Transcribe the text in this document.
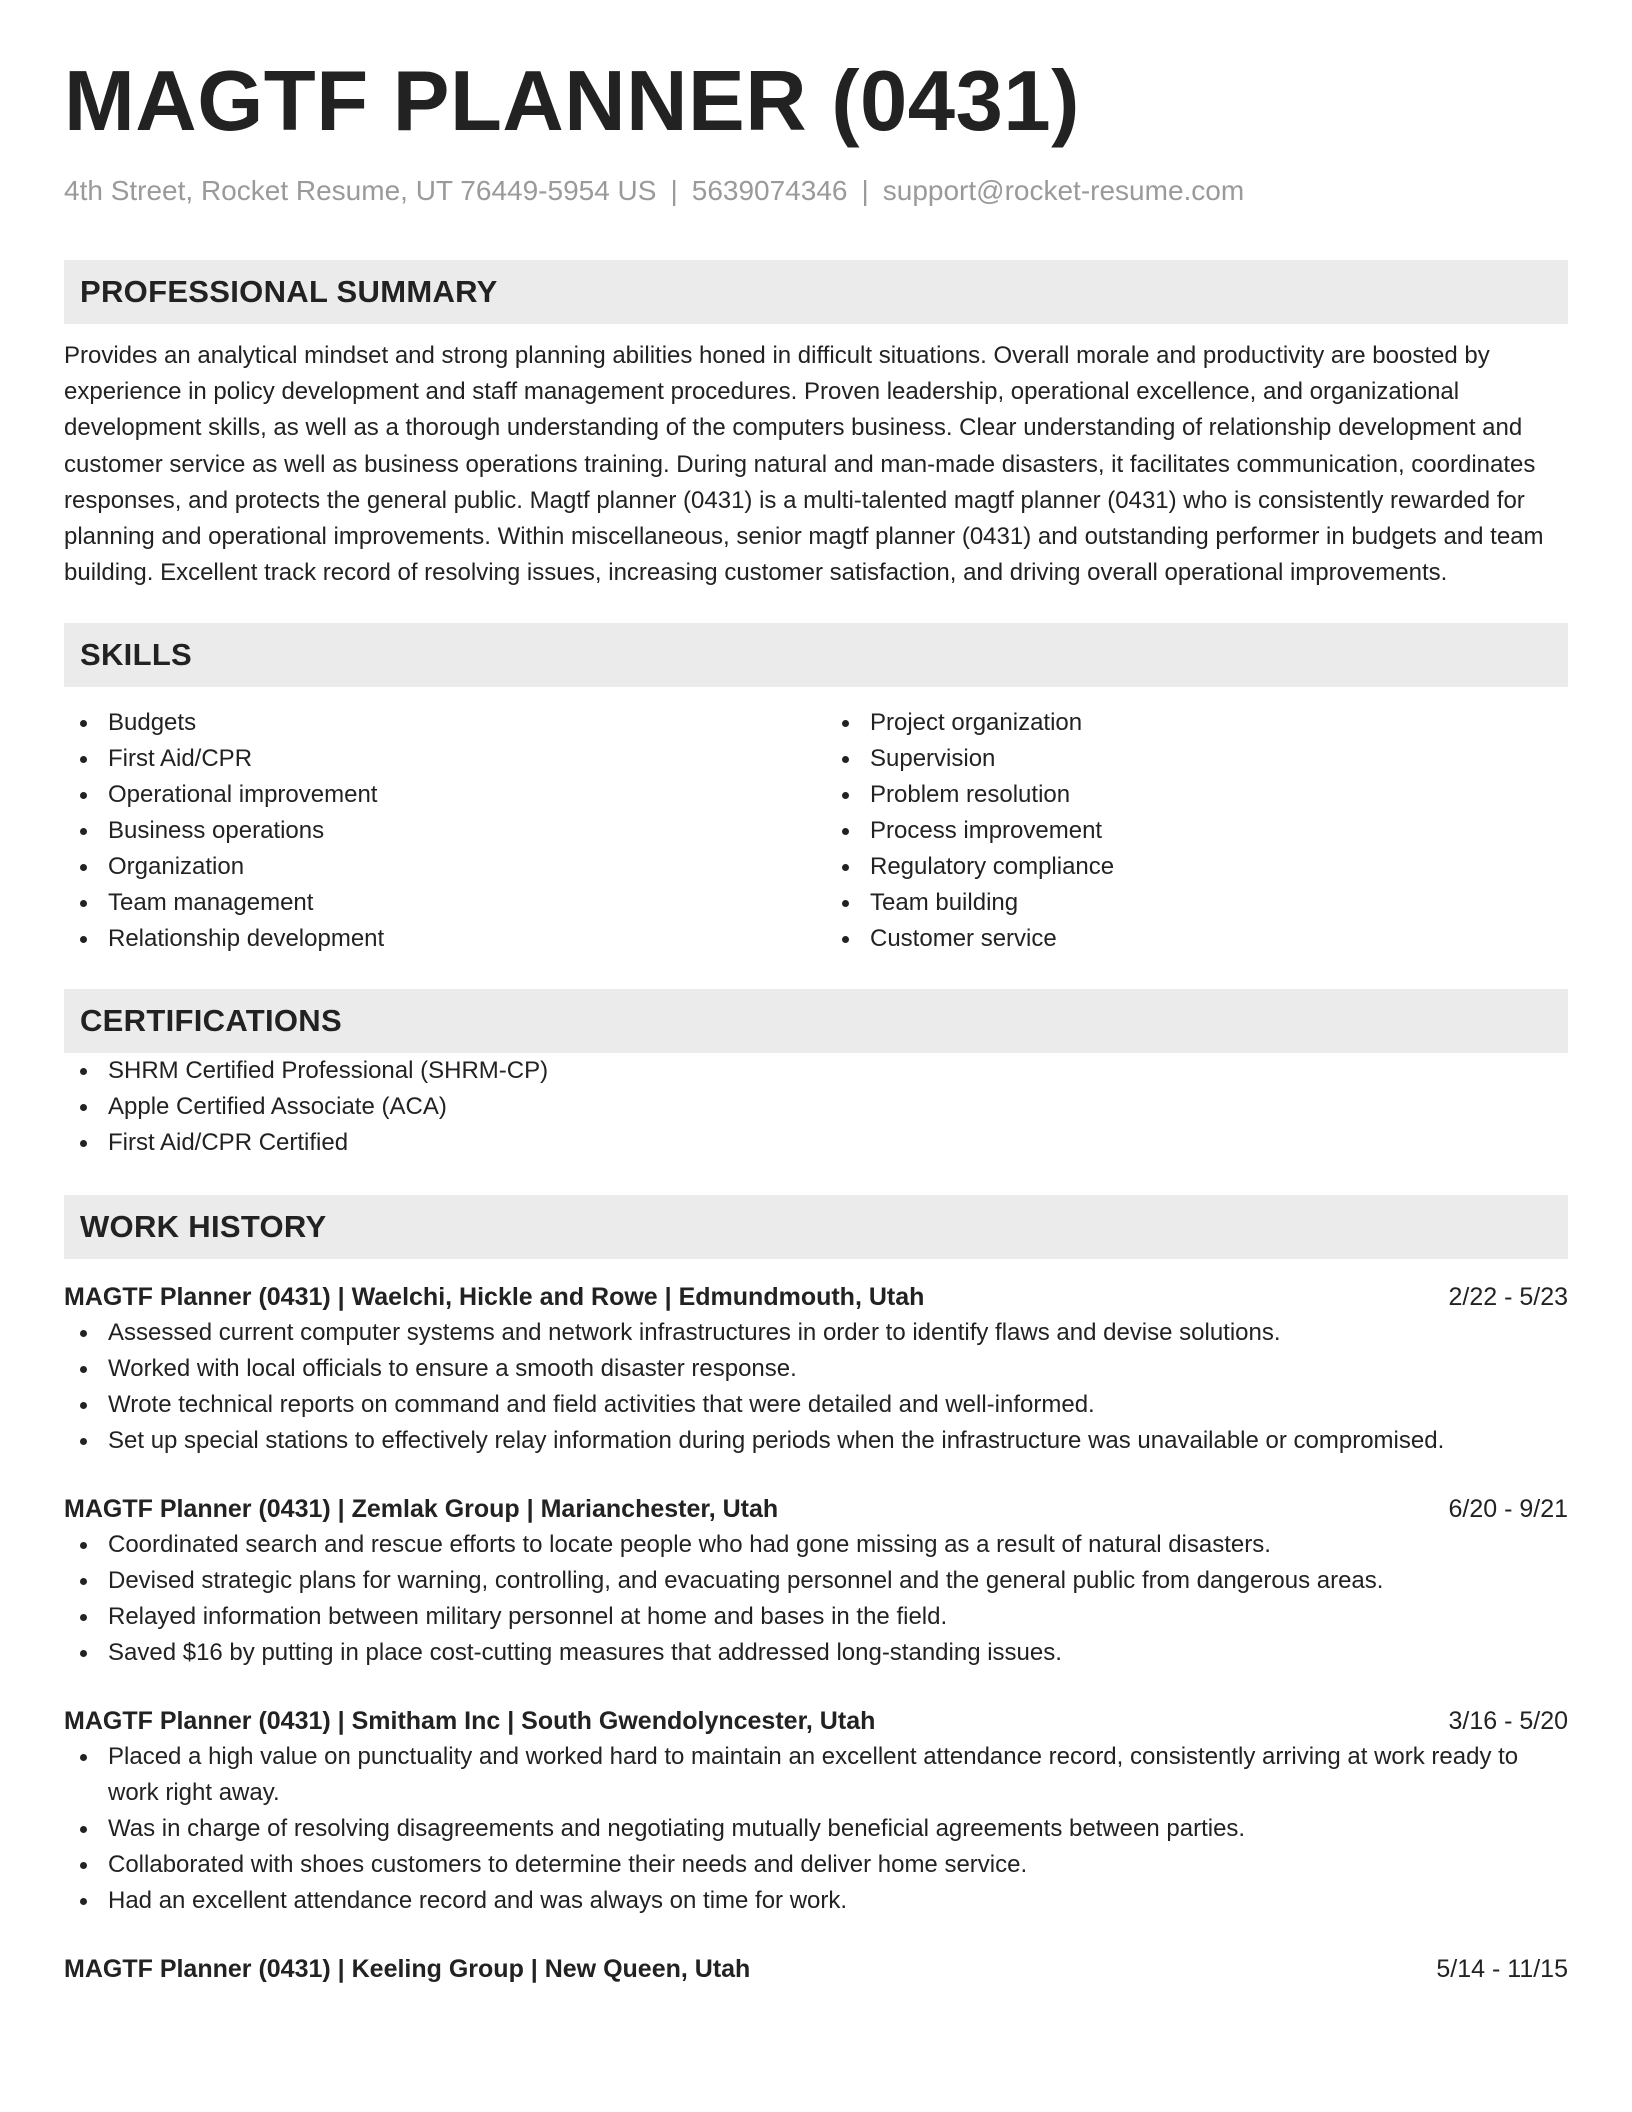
MAGTF PLANNER (0431)
4th Street, Rocket Resume, UT 76449-5954 US | 5639074346 | support@rocket-resume.com
PROFESSIONAL SUMMARY
Provides an analytical mindset and strong planning abilities honed in difficult situations. Overall morale and productivity are boosted by experience in policy development and staff management procedures. Proven leadership, operational excellence, and organizational development skills, as well as a thorough understanding of the computers business. Clear understanding of relationship development and customer service as well as business operations training. During natural and man-made disasters, it facilitates communication, coordinates responses, and protects the general public. Magtf planner (0431) is a multi-talented magtf planner (0431) who is consistently rewarded for planning and operational improvements. Within miscellaneous, senior magtf planner (0431) and outstanding performer in budgets and team building. Excellent track record of resolving issues, increasing customer satisfaction, and driving overall operational improvements.
SKILLS
Budgets
First Aid/CPR
Operational improvement
Business operations
Organization
Team management
Relationship development
Project organization
Supervision
Problem resolution
Process improvement
Regulatory compliance
Team building
Customer service
CERTIFICATIONS
SHRM Certified Professional (SHRM-CP)
Apple Certified Associate (ACA)
First Aid/CPR Certified
WORK HISTORY
MAGTF Planner (0431) | Waelchi, Hickle and Rowe | Edmundmouth, Utah	2/22 - 5/23
Assessed current computer systems and network infrastructures in order to identify flaws and devise solutions.
Worked with local officials to ensure a smooth disaster response.
Wrote technical reports on command and field activities that were detailed and well-informed.
Set up special stations to effectively relay information during periods when the infrastructure was unavailable or compromised.
MAGTF Planner (0431) | Zemlak Group | Marianchester, Utah	6/20 - 9/21
Coordinated search and rescue efforts to locate people who had gone missing as a result of natural disasters.
Devised strategic plans for warning, controlling, and evacuating personnel and the general public from dangerous areas.
Relayed information between military personnel at home and bases in the field.
Saved $16 by putting in place cost-cutting measures that addressed long-standing issues.
MAGTF Planner (0431) | Smitham Inc | South Gwendolyncester, Utah	3/16 - 5/20
Placed a high value on punctuality and worked hard to maintain an excellent attendance record, consistently arriving at work ready to work right away.
Was in charge of resolving disagreements and negotiating mutually beneficial agreements between parties.
Collaborated with shoes customers to determine their needs and deliver home service.
Had an excellent attendance record and was always on time for work.
MAGTF Planner (0431) | Keeling Group | New Queen, Utah	5/14 - 11/15
